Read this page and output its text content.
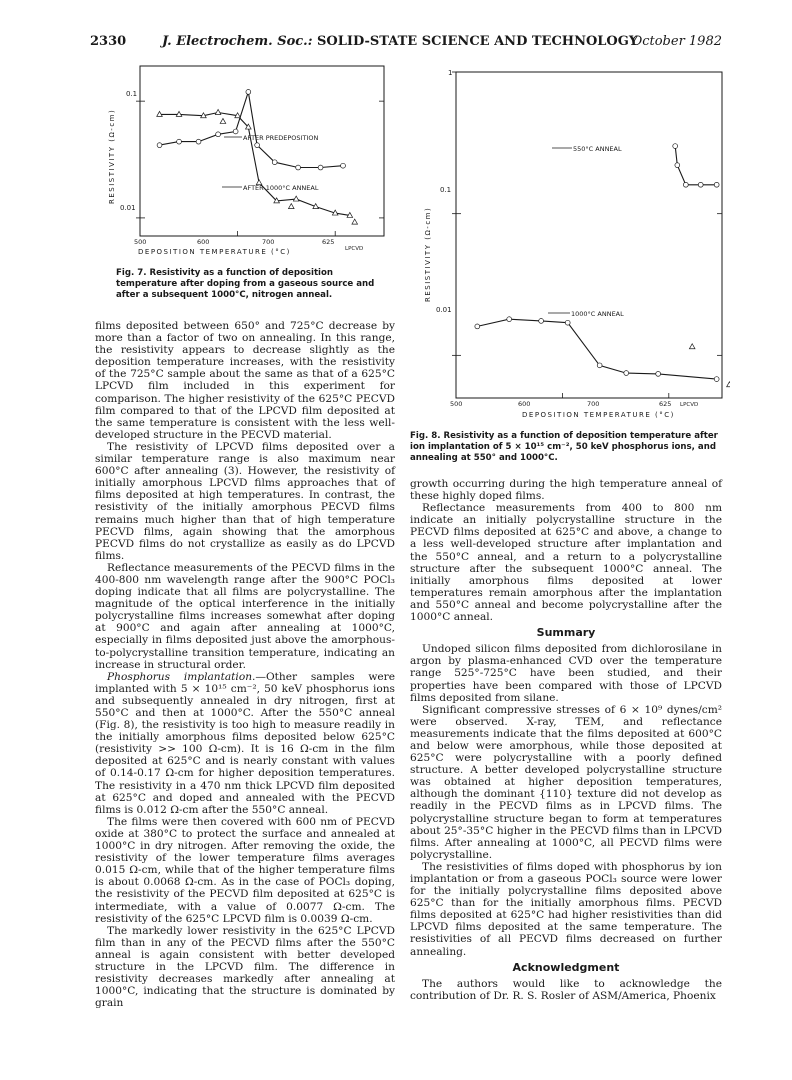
2330	J. Electrochem. Soc.: SOLID-STATE SCIENCE AND TECHNOLOGY
October 1982
0.1
0.01
RESISTIVITY (Ω-cm)
500	600	700	625
LPCVD
DEPOSITION TEMPERATURE (°C)
AFTER PREDEPOSITION
AFTER 1000°C ANNEAL
Fig. 7. Resistivity as a function of deposition temperature after doping from a gaseous source and after a subsequent 1000°C, nitrogen anneal.
1
0.1
0.01
RESISTIVITY (Ω-cm)
500	600	700	625 LPCVD
DEPOSITION TEMPERATURE (°C)
550°C ANNEAL
1000°C ANNEAL
Fig. 8. Resistivity as a function of deposition temperature after ion implantation of 5 × 10¹⁵ cm⁻², 50 keV phosphorus ions, and annealing at 550° and 1000°C.

films deposited between 650° and 725°C decrease by more than a factor of two on annealing. In this range, the resistivity appears to decrease slightly as the deposition temperature increases, with the resistivity of the 725°C sample about the same as that of a 625°C LPCVD film included in this experiment for comparison. The higher resistivity of the 625°C PECVD film compared to that of the LPCVD film deposited at the same temperature is consistent with the less well-developed structure in the PECVD material.

The resistivity of LPCVD films deposited over a similar temperature range is also maximum near 600°C after annealing (3). However, the resistivity of initially amorphous LPCVD films approaches that of films deposited at high temperatures. In contrast, the resistivity of the initially amorphous PECVD films remains much higher than that of high temperature PECVD films, again showing that the amorphous PECVD films do not crystallize as easily as do LPCVD films.

Reflectance measurements of the PECVD films in the 400-800 nm wavelength range after the 900°C POCl₃ doping indicate that all films are polycrystalline. The magnitude of the optical interference in the initially polycrystalline films increases somewhat after doping at 900°C and again after annealing at 1000°C, especially in films deposited just above the amorphous-to-polycrystalline transition temperature, indicating an increase in structural order.

Phosphorus implantation.—Other samples were implanted with 5 × 10¹⁵ cm⁻², 50 keV phosphorus ions and subsequently annealed in dry nitrogen, first at 550°C and then at 1000°C. After the 550°C anneal (Fig. 8), the resistivity is too high to measure readily in the initially amorphous films deposited below 625°C (resistivity >> 100 Ω-cm). It is 16 Ω-cm in the film deposited at 625°C and is nearly constant with values of 0.14-0.17 Ω-cm for higher deposition temperatures. The resistivity in a 470 nm thick LPCVD film deposited at 625°C and doped and annealed with the PECVD films is 0.012 Ω-cm after the 550°C anneal.

The films were then covered with 600 nm of PECVD oxide at 380°C to protect the surface and annealed at 1000°C in dry nitrogen. After removing the oxide, the resistivity of the lower temperature films averages 0.015 Ω-cm, while that of the higher temperature films is about 0.0068 Ω-cm. As in the case of POCl₃ doping, the resistivity of the PECVD film deposited at 625°C is intermediate, with a value of 0.0077 Ω-cm. The resistivity of the 625°C LPCVD film is 0.0039 Ω-cm.

The markedly lower resistivity in the 625°C LPCVD film than in any of the PECVD films after the 550°C anneal is again consistent with better developed structure in the LPCVD film. The difference in resistivity decreases markedly after annealing at 1000°C, indicating that the structure is dominated by grain

growth occurring during the high temperature anneal of these highly doped films.

Reflectance measurements from 400 to 800 nm indicate an initially polycrystalline structure in the PECVD films deposited at 625°C and above, a change to a less well-developed structure after implantation and the 550°C anneal, and a return to a polycrystalline structure after the subsequent 1000°C anneal. The initially amorphous films deposited at lower temperatures remain amorphous after the implantation and 550°C anneal and become polycrystalline after the 1000°C anneal.

Summary

Undoped silicon films deposited from dichlorosilane in argon by plasma-enhanced CVD over the temperature range 525°-725°C have been studied, and their properties have been compared with those of LPCVD films deposited from silane.

Significant compressive stresses of 6 × 10⁹ dynes/cm² were observed. X-ray, TEM, and reflectance measurements indicate that the films deposited at 600°C and below were amorphous, while those deposited at 625°C were polycrystalline with a poorly defined structure. A better developed polycrystalline structure was obtained at higher deposition temperatures, although the dominant {110} texture did not develop as readily in the PECVD films as in LPCVD films. The polycrystalline structure began to form at temperatures about 25°-35°C higher in the PECVD films than in LPCVD films. After annealing at 1000°C, all PECVD films were polycrystalline.

The resistivities of films doped with phosphorus by ion implantation or from a gaseous POCl₃ source were lower for the initially polycrystalline films deposited above 625°C than for the initially amorphous films. PECVD films deposited at 625°C had higher resistivities than did LPCVD films deposited at the same temperature. The resistivities of all PECVD films decreased on further annealing.

Acknowledgment

The authors would like to acknowledge the contribution of Dr. R. S. Rosler of ASM/America, Phoenix
